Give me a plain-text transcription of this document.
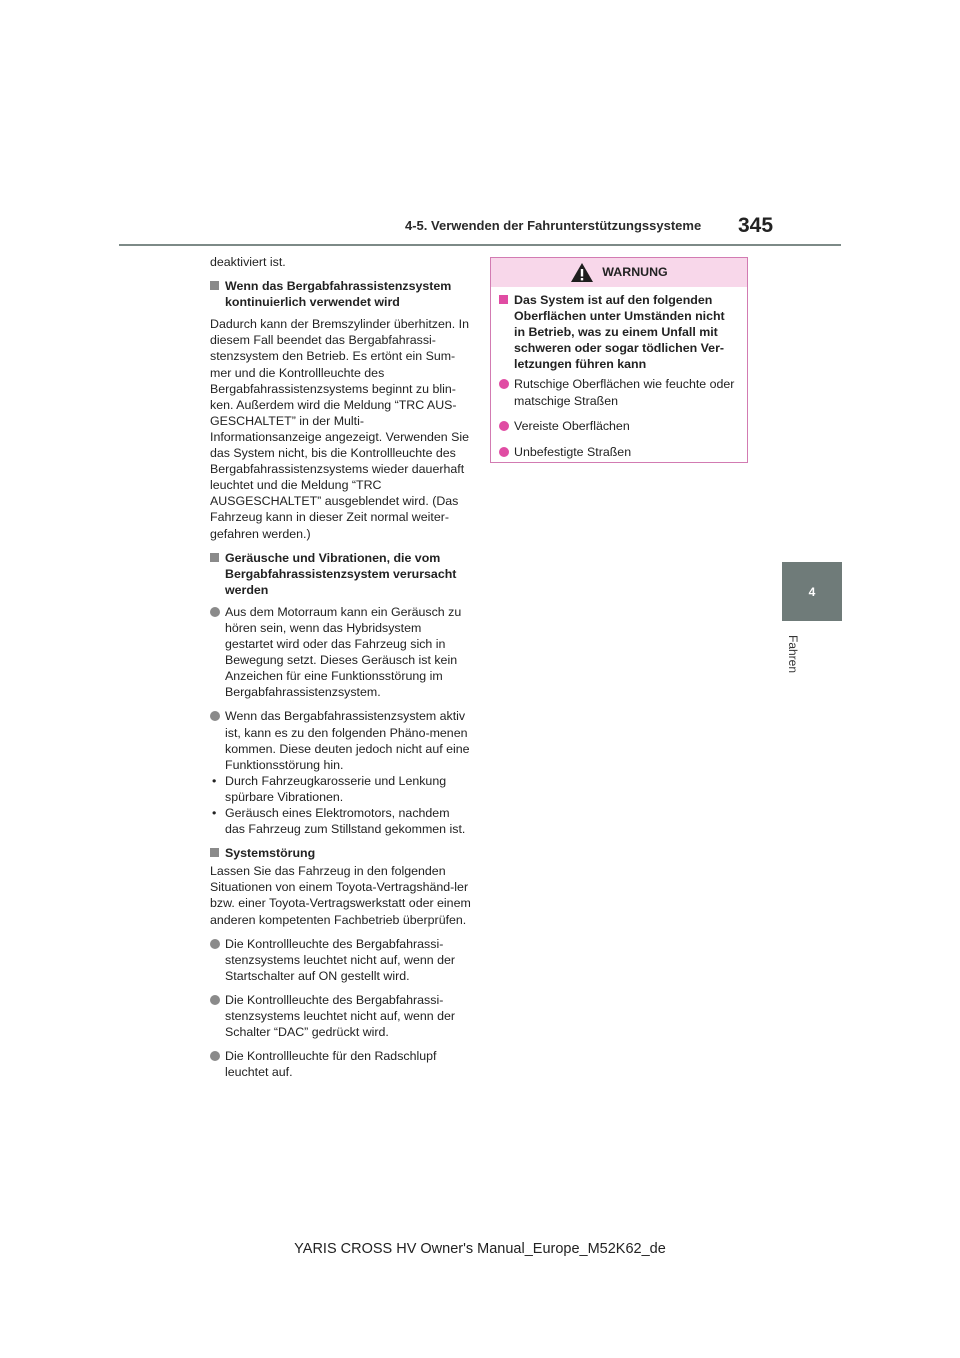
4-5. Verwenden der Fahrunterstützungssysteme 345
4
Fahren

deaktiviert ist.

Wenn das Bergabfahrassistenzsystem kontinuierlich verwendet wird

Dadurch kann der Bremszylinder überhitzen. In diesem Fall beendet das Bergabfahrassi-stenzsystem den Betrieb. Es ertönt ein Sum-mer und die Kontrollleuchte des Bergabfahrassistenzsystems beginnt zu blin-ken. Außerdem wird die Meldung “TRC AUS-GESCHALTET” in der Multi-Informationsanzeige angezeigt. Verwenden Sie das System nicht, bis die Kontrollleuchte des Bergabfahrassistenzsystems wieder dauerhaft leuchtet und die Meldung “TRC AUSGESCHALTET” ausgeblendet wird. (Das Fahrzeug kann in dieser Zeit normal weiter-gefahren werden.)

Geräusche und Vibrationen, die vom Bergabfahrassistenzsystem verursacht werden
Aus dem Motorraum kann ein Geräusch zu hören sein, wenn das Hybridsystem gestartet wird oder das Fahrzeug sich in Bewegung setzt. Dieses Geräusch ist kein Anzeichen für eine Funktionsstörung im Bergabfahrassistenzsystem.
Wenn das Bergabfahrassistenzsystem aktiv ist, kann es zu den folgenden Phäno-menen kommen. Diese deuten jedoch nicht auf eine Funktionsstörung hin.
• Durch Fahrzeugkarosserie und Lenkung spürbare Vibrationen.
• Geräusch eines Elektromotors, nachdem das Fahrzeug zum Stillstand gekommen ist.
Systemstörung

Lassen Sie das Fahrzeug in den folgenden Situationen von einem Toyota-Vertragshänd-ler bzw. einer Toyota-Vertragswerkstatt oder einem anderen kompetenten Fachbetrieb überprüfen.

Die Kontrollleuchte des Bergabfahrassi-stenzsystems leuchtet nicht auf, wenn der Startschalter auf ON gestellt wird.
Die Kontrollleuchte des Bergabfahrassi-stenzsystems leuchtet nicht auf, wenn der Schalter “DAC” gedrückt wird.
Die Kontrollleuchte für den Radschlupf leuchtet auf.
WARNUNG
Das System ist auf den folgenden Oberflächen unter Umständen nicht in Betrieb, was zu einem Unfall mit schweren oder sogar tödlichen Ver-letzungen führen kann
Rutschige Oberflächen wie feuchte oder matschige Straßen
Vereiste Oberflächen
Unbefestigte Straßen
YARIS CROSS HV Owner's Manual_Europe_M52K62_de
